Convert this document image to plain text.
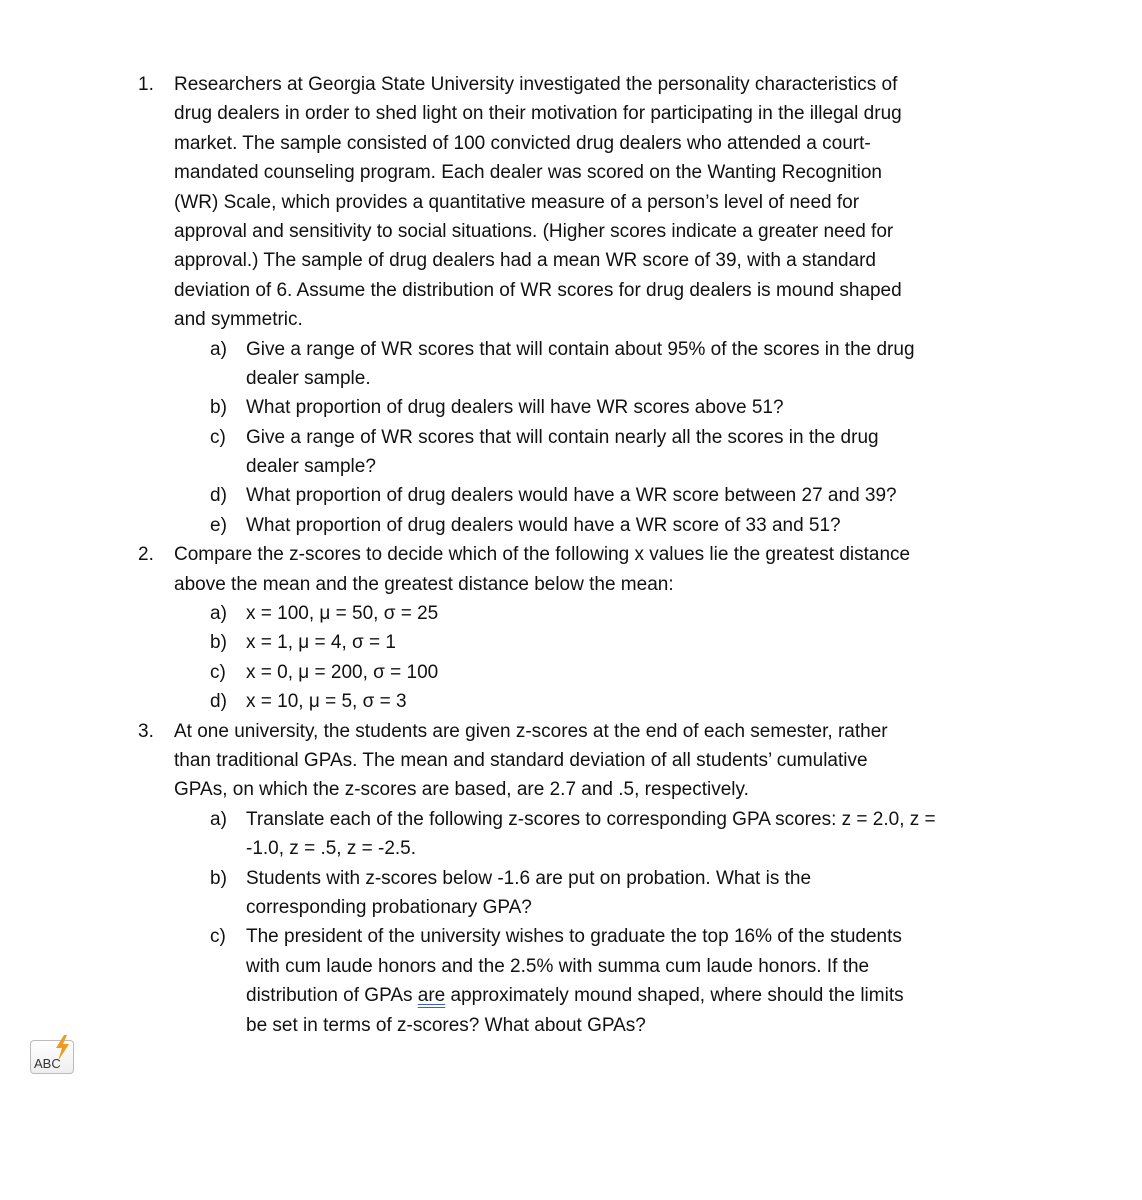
1. Researchers at Georgia State University investigated the personality characteristics of
drug dealers in order to shed light on their motivation for participating in the illegal drug
market. The sample consisted of 100 convicted drug dealers who attended a court-
mandated counseling program. Each dealer was scored on the Wanting Recognition
(WR) Scale, which provides a quantitative measure of a person’s level of need for
approval and sensitivity to social situations. (Higher scores indicate a greater need for
approval.) The sample of drug dealers had a mean WR score of 39, with a standard
deviation of 6. Assume the distribution of WR scores for drug dealers is mound shaped
and symmetric.
a) Give a range of WR scores that will contain about 95% of the scores in the drug
dealer sample.
b) What proportion of drug dealers will have WR scores above 51?
c) Give a range of WR scores that will contain nearly all the scores in the drug
dealer sample?
d) What proportion of drug dealers would have a WR score between 27 and 39?
e) What proportion of drug dealers would have a WR score of 33 and 51?
2. Compare the z-scores to decide which of the following x values lie the greatest distance
above the mean and the greatest distance below the mean:
a) x = 100, μ = 50, σ = 25
b) x = 1, μ = 4, σ = 1
c) x = 0, μ = 200, σ = 100
d) x = 10, μ = 5, σ = 3
3. At one university, the students are given z-scores at the end of each semester, rather
than traditional GPAs. The mean and standard deviation of all students’ cumulative
GPAs, on which the z-scores are based, are 2.7 and .5, respectively.
a) Translate each of the following z-scores to corresponding GPA scores: z = 2.0, z =
-1.0, z = .5, z = -2.5.
b) Students with z-scores below -1.6 are put on probation. What is the
corresponding probationary GPA?
c) The president of the university wishes to graduate the top 16% of the students
with cum laude honors and the 2.5% with summa cum laude honors. If the
distribution of GPAs are approximately mound shaped, where should the limits
be set in terms of z-scores? What about GPAs?
ABC
